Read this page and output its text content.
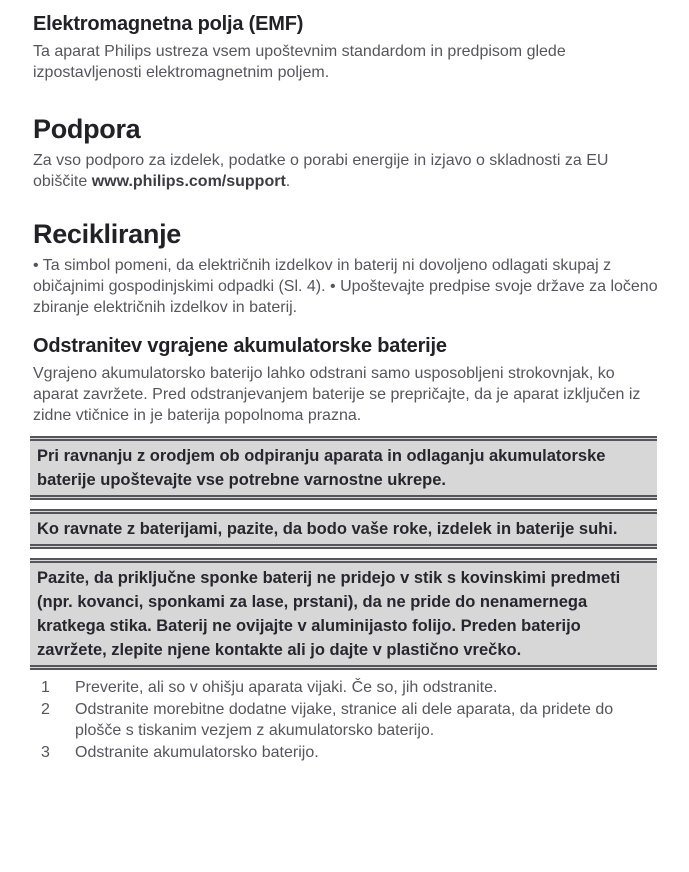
Elektromagnetna polja (EMF)

Ta aparat Philips ustreza vsem upoštevnim standardom in predpisom glede izpostavljenosti elektromagnetnim poljem.

Podpora

Za vso podporo za izdelek, podatke o porabi energije in izjavo o skladnosti za EU obiščite www.philips.com/support.

Recikliranje

• Ta simbol pomeni, da električnih izdelkov in baterij ni dovoljeno odlagati skupaj z običajnimi gospodinjskimi odpadki (Sl. 4). • Upoštevajte predpise svoje države za ločeno zbiranje električnih izdelkov in baterij.

Odstranitev vgrajene akumulatorske baterije

Vgrajeno akumulatorsko baterijo lahko odstrani samo usposobljeni strokovnjak, ko aparat zavržete. Pred odstranjevanjem baterije se prepričajte, da je aparat izključen iz zidne vtičnice in je baterija popolnoma prazna.

Pri ravnanju z orodjem ob odpiranju aparata in odlaganju akumulatorske baterije upoštevajte vse potrebne varnostne ukrepe.

Ko ravnate z baterijami, pazite, da bodo vaše roke, izdelek in baterije suhi.

Pazite, da priključne sponke baterij ne pridejo v stik s kovinskimi predmeti (npr. kovanci, sponkami za lase, prstani), da ne pride do nenamernega kratkega stika. Baterij ne ovijajte v aluminijasto folijo. Preden baterijo zavržete, zlepite njene kontakte ali jo dajte v plastično vrečko.

1	Preverite, ali so v ohišju aparata vijaki. Če so, jih odstranite.
2	Odstranite morebitne dodatne vijake, stranice ali dele aparata, da pridete do plošče s tiskanim vezjem z akumulatorsko baterijo.
3	Odstranite akumulatorsko baterijo.
